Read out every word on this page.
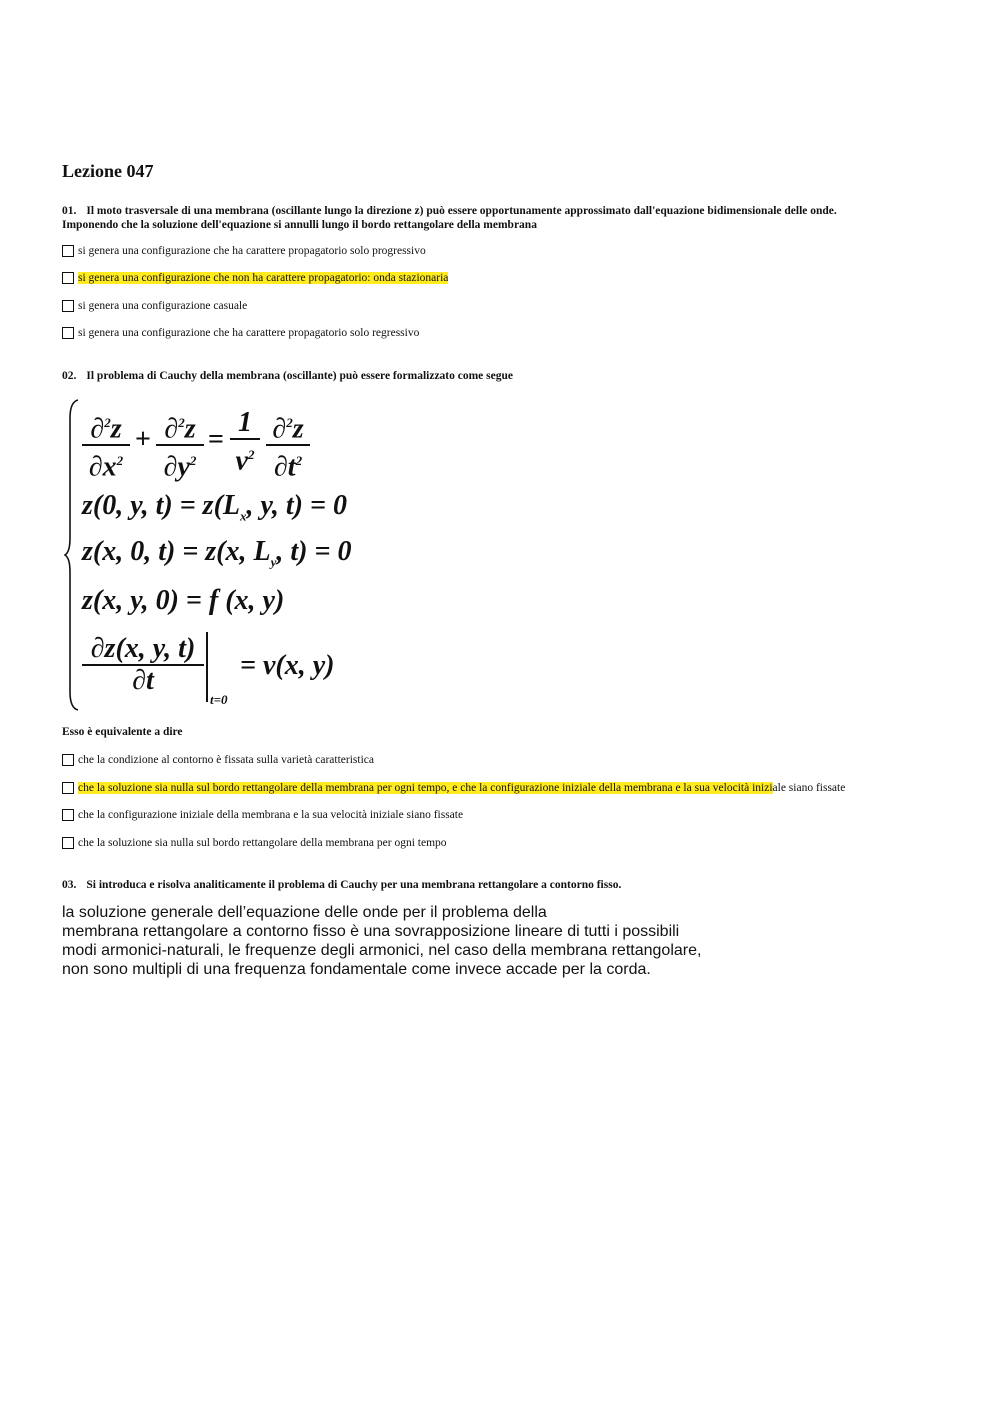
Lezione 047
01. Il moto trasversale di una membrana (oscillante lungo la direzione z) può essere opportunamente approssimato dall'equazione bidimensionale delle onde.
Imponendo che la soluzione dell'equazione si annulli lungo il bordo rettangolare della membrana
si genera una configurazione che ha carattere propagatorio solo progressivo
si genera una configurazione che non ha carattere propagatorio: onda stazionaria
si genera una configurazione casuale
si genera una configurazione che ha carattere propagatorio solo regressivo
02. Il problema di Cauchy della membrana (oscillante) può essere formalizzato come segue
$\frac{\partial^2z}{\partial x^2} + \frac{\partial^2z}{\partial y^2} = \frac{1}{v^2} \frac{\partial^2z}{\partial t^2}$
z(0, y, $t) = z(L_x$, y, t) = 0
z(x, 0, t) = z(x, $L_y$, t) = 0
z(x, y, 0) = f (x, y)
$\frac{\partial z(x, y, t)}{\partial t}$
t=0
= v(x, y)
Esso è equivalente a dire
che la condizione al contorno è fissata sulla varietà caratteristica
che la soluzione sia nulla sul bordo rettangolare della membrana per ogni tempo, e che la configurazione iniziale della membrana e la sua velocità inizi ale siano fissate
che la configurazione iniziale della membrana e la sua velocità iniziale siano fissate
che la soluzione sia nulla sul bordo rettangolare della membrana per ogni tempo
03. Si introduca e risolva analiticamente il problema di Cauchy per una membrana rettangolare a contorno fisso.
la soluzione generale dell’equazione delle onde per il problema della
membrana rettangolare a contorno fisso è una sovrapposizione lineare di tutti i possibili
modi armonici-naturali, le frequenze degli armonici, nel caso della membrana rettangolare,
non sono multipli di una frequenza fondamentale come invece accade per la corda.
